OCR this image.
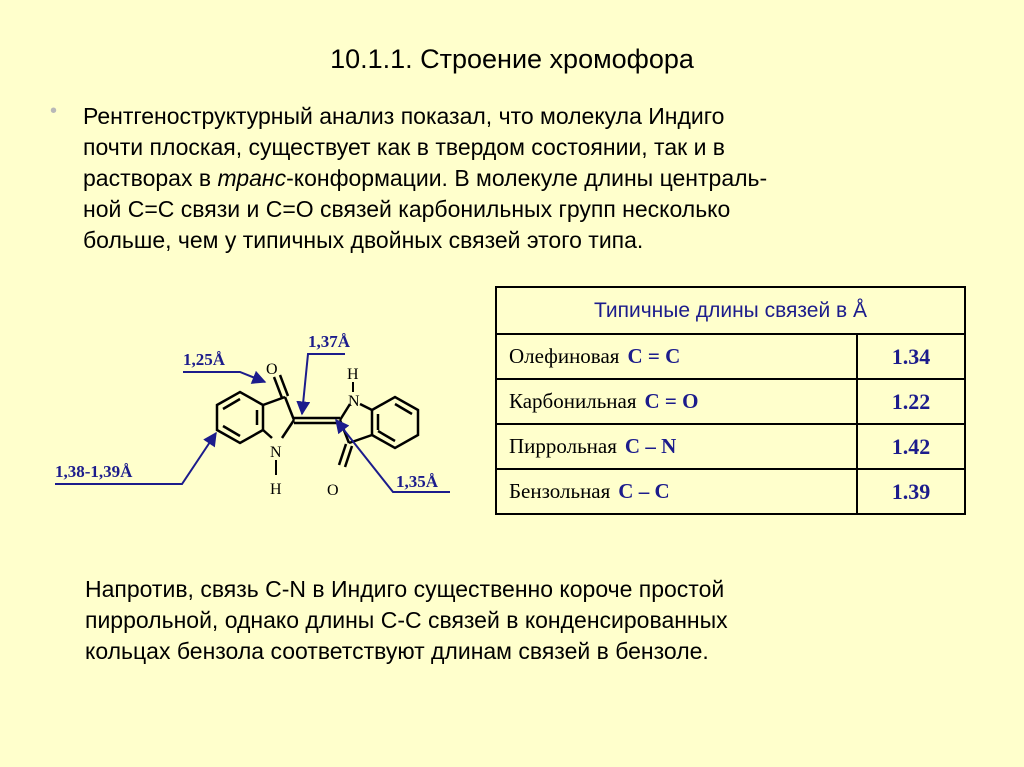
10.1.1. Строение хромофора
• Рентгеноструктурный анализ показал, что молекула Индиго
почти плоская, существует как в твердом состоянии, так и в
растворах в транс-конформации. В молекуле длины централь-
ной С=С связи и С=О связей карбонильных групп несколько
больше, чем у типичных двойных связей этого типа.
O
O
H
N
N
H
1,25Å
1,37Å
1,38-1,39Å
1,35Å
Типичные длины связей в Å	
Олефиновая C = C	1.34
Карбонильная C = O	1.22
Пиррольная C – N	1.42
Бензольная C – C	1.39
Напротив, связь С-N в Индиго существенно короче простой
пиррольной, однако длины С-С связей в конденсированных
кольцах бензола соответствуют длинам связей в бензоле.
